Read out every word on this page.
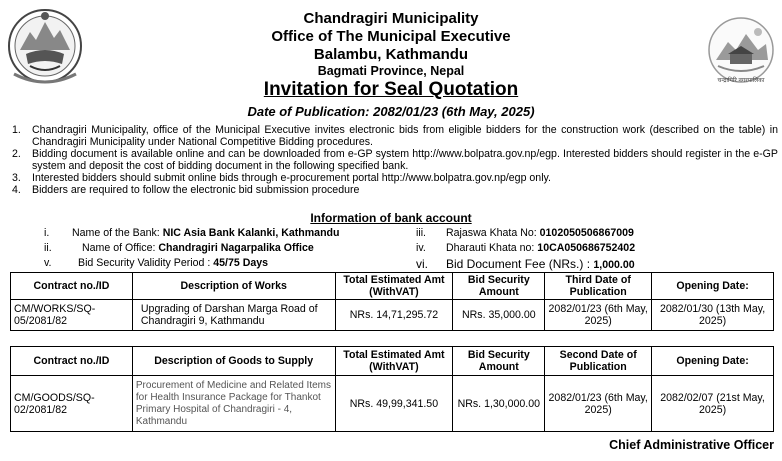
चन्द्रागिरि नगरपालिका
Chandragiri Municipality
Office of The Municipal Executive
Balambu, Kathmandu
Bagmati Province, Nepal
Invitation for Seal Quotation
Date of Publication: 2082/01/23 (6th May, 2025)
1.	Chandragiri Municipality, office of the Municipal Executive invites electronic bids from eligible bidders for the construction work (described on the table) in Chandragiri Municipality under National Competitive Bidding procedures.
2.	Bidding document is available online and can be downloaded from e-GP system http://www.bolpatra.gov.np/egp. Interested bidders should register in the e-GP system and deposit the cost of bidding document in the following specified bank.
3.	Interested bidders should submit online bids through e-procurement portal http://www.bolpatra.gov.np/egp only.
4.	Bidders are required to follow the electronic bid submission procedure
Information of bank account
i. Name of the Bank: NIC Asia Bank Kalanki, Kathmandu
ii.	Name of Office: Chandragiri Nagarpalika Office
v.	Bid Security Validity Period : 45/75 Days
iii. Rajaswa Khata No: 0102050506867009
iv. Dharauti Khata no: 10CA050686752402
vi. Bid Document Fee (NRs.) : 1,000.00
Contract no./ID	Description of Works	Total Estimated Amt (WithVAT)	Bid Security Amount	Third Date of Publication	Opening Date:
CM/WORKS/SQ-05/2081/82	Upgrading of Darshan Marga Road of Chandragiri 9, Kathmandu	NRs. 14,71,295.72	NRs. 35,000.00	2082/01/23 (6th May, 2025)	2082/01/30 (13th May, 2025)
Contract no./ID	Description of Goods to Supply	Total Estimated Amt (WithVAT)	Bid Security Amount	Second Date of Publication	Opening Date:
CM/GOODS/SQ-02/2081/82	Procurement of Medicine and Related Items for Health Insurance Package for Thankot Primary Hospital of Chandragiri - 4, Kathmandu	NRs. 49,99,341.50	NRs. 1,30,000.00	2082/01/23 (6th May, 2025)	2082/02/07 (21st May, 2025)
Chief Administrative Officer
